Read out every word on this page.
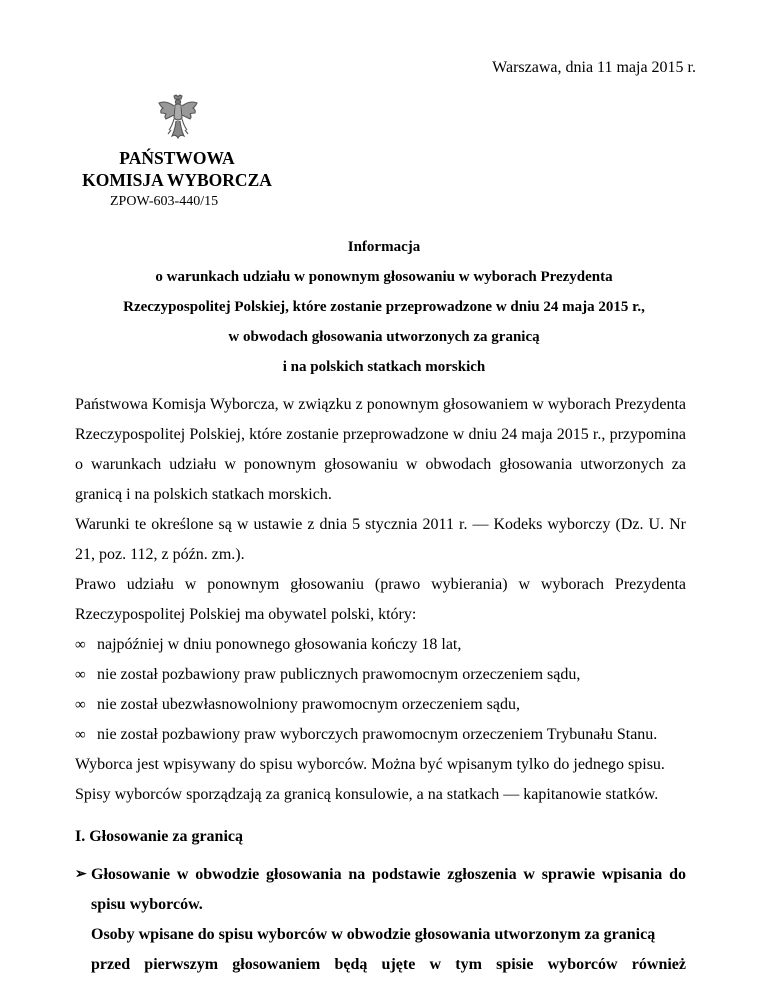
Warszawa, dnia 11 maja 2015 r.
PAŃSTWOWA
KOMISJA WYBORCZA
ZPOW-603-440/15
Informacja
o warunkach udziału w ponownym głosowaniu w wyborach Prezydenta
Rzeczypospolitej Polskiej, które zostanie przeprowadzone w dniu 24 maja 2015 r.,
w obwodach głosowania utworzonych za granicą
i na polskich statkach morskich

Państwowa Komisja Wyborcza, w związku z ponownym głosowaniem w wyborach Prezydenta Rzeczypospolitej Polskiej, które zostanie przeprowadzone w dniu 24 maja 2015 r., przypomina o warunkach udziału w ponownym głosowaniu w obwodach głosowania utworzonych za granicą i na polskich statkach morskich.

Warunki te określone są w ustawie z dnia 5 stycznia 2011 r. — Kodeks wyborczy (Dz. U. Nr 21, poz. 112, z późn. zm.).

Prawo udziału w ponownym głosowaniu (prawo wybierania) w wyborach Prezydenta Rzeczypospolitej Polskiej ma obywatel polski, który:

∞ najpóźniej w dniu ponownego głosowania kończy 18 lat,
∞ nie został pozbawiony praw publicznych prawomocnym orzeczeniem sądu,
∞ nie został ubezwłasnowolniony prawomocnym orzeczeniem sądu,
∞ nie został pozbawiony praw wyborczych prawomocnym orzeczeniem Trybunału Stanu.

Wyborca jest wpisywany do spisu wyborców. Można być wpisanym tylko do jednego spisu.

Spisy wyborców sporządzają za granicą konsulowie, a na statkach — kapitanowie statków.

I. Głosowanie za granicą
➢ Głosowanie w obwodzie głosowania na podstawie zgłoszenia w sprawie wpisania do spisu wyborców.
Osoby wpisane do spisu wyborców w obwodzie głosowania utworzonym za granicą
przed pierwszym głosowaniem będą ujęte w tym spisie wyborców również
